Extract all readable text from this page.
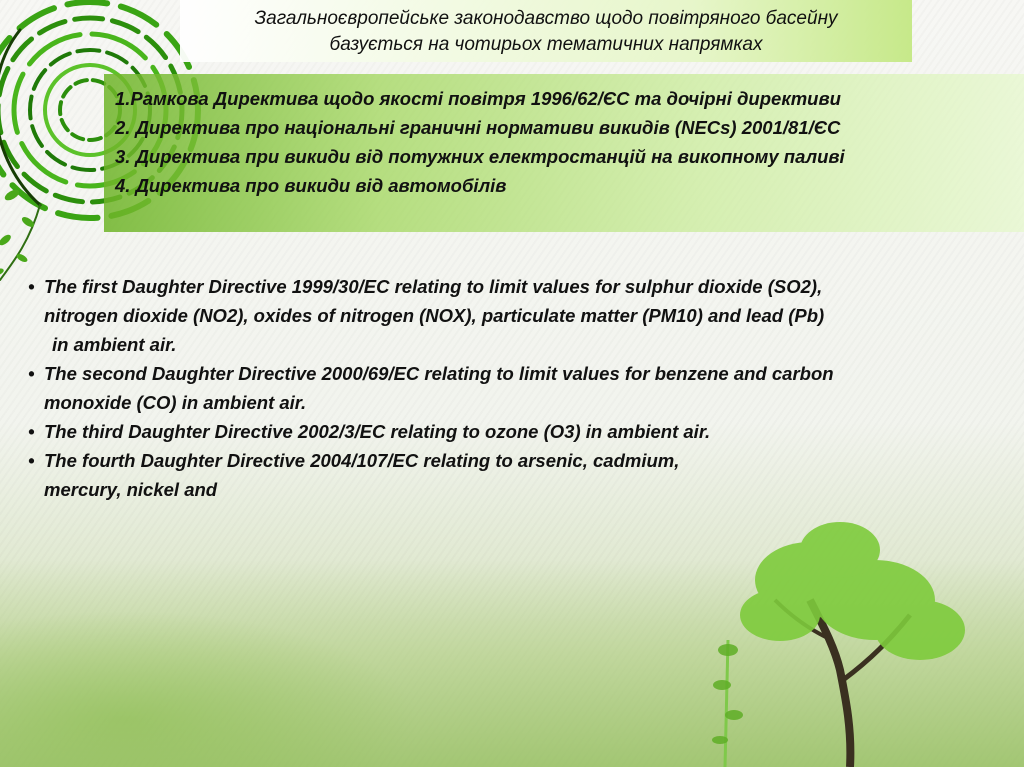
Загальноєвропейське законодавство щодо повітряного басейну

базується на чотирьох тематичних напрямках

1.Рамкова Директива щодо якості повітря 1996/62/ЄС та дочірні директиви
2. Директива про національні граничні нормативи викидів (NECs) 2001/81/ЄС
3. Директива при викиди від потужних електростанцій на викопному паливі
4. Директива про викиди від автомобілів
• The first Daughter Directive 1999/30/EC relating to limit values for sulphur dioxide (SO2),
nitrogen dioxide (NO2), oxides of nitrogen (NOX), particulate matter (PM10) and lead (Pb)
in ambient air.
• The second Daughter Directive 2000/69/EC relating to limit values for benzene and carbon
monoxide (CO) in ambient air.
• The third Daughter Directive 2002/3/EC relating to ozone (O3) in ambient air.
• The fourth Daughter Directive 2004/107/EC relating to arsenic, cadmium,
mercury, nickel and
